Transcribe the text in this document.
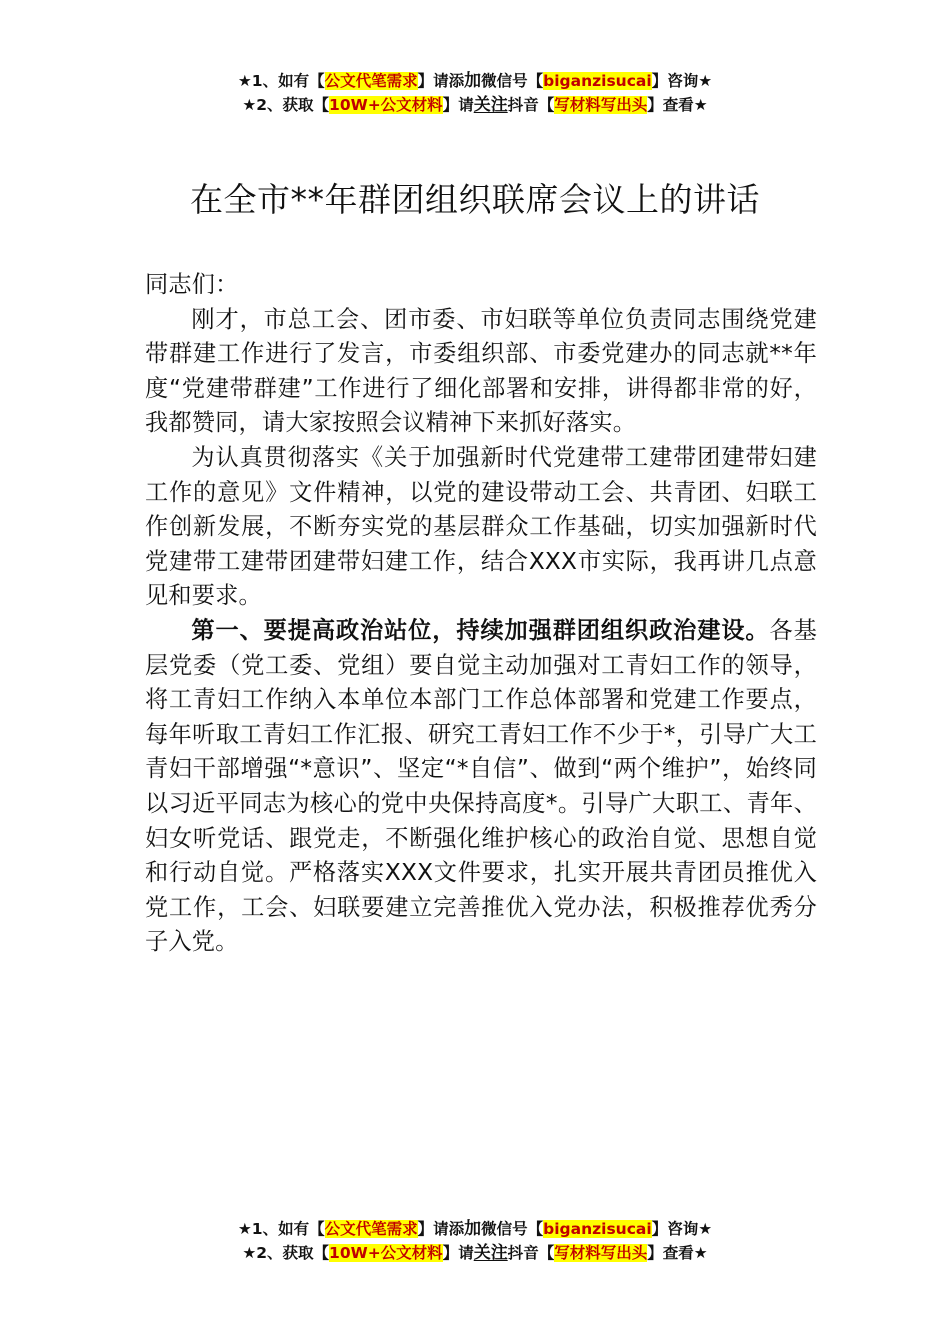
★1、如有【公文代笔需求】请添加微信号【biganzisucai】咨询★
★2、获取【10W+公文材料】请关注抖音【写材料写出头】查看★
在全市**年群团组织联席会议上的讲话

同志们：

刚才，市总工会、团市委、市妇联等单位负责同志围绕党建带群建工作进行了发言，市委组织部、市委党建办的同志就**年度“党建带群建”工作进行了细化部署和安排，讲得都非常的好，我都赞同，请大家按照会议精神下来抓好落实。

为认真贯彻落实《关于加强新时代党建带工建带团建带妇建工作的意见》文件精神，以党的建设带动工会、共青团、妇联工作创新发展，不断夯实党的基层群众工作基础，切实加强新时代党建带工建带团建带妇建工作，结合XXX市实际，我再讲几点意见和要求。

第一、要提高政治站位，持续加强群团组织政治建设。各基层党委（党工委、党组）要自觉主动加强对工青妇工作的领导，将工青妇工作纳入本单位本部门工作总体部署和党建工作要点，每年听取工青妇工作汇报、研究工青妇工作不少于*，引导广大工青妇干部增强“*意识”、坚定“*自信”、做到“两个维护”，始终同以习近平同志为核心的党中央保持高度*。引导广大职工、青年、妇女听党话、跟党走，不断强化维护核心的政治自觉、思想自觉和行动自觉。严格落实XXX文件要求，扎实开展共青团员推优入党工作，工会、妇联要建立完善推优入党办法，积极推荐优秀分子入党。

★1、如有【公文代笔需求】请添加微信号【biganzisucai】咨询★
★2、获取【10W+公文材料】请关注抖音【写材料写出头】查看★
